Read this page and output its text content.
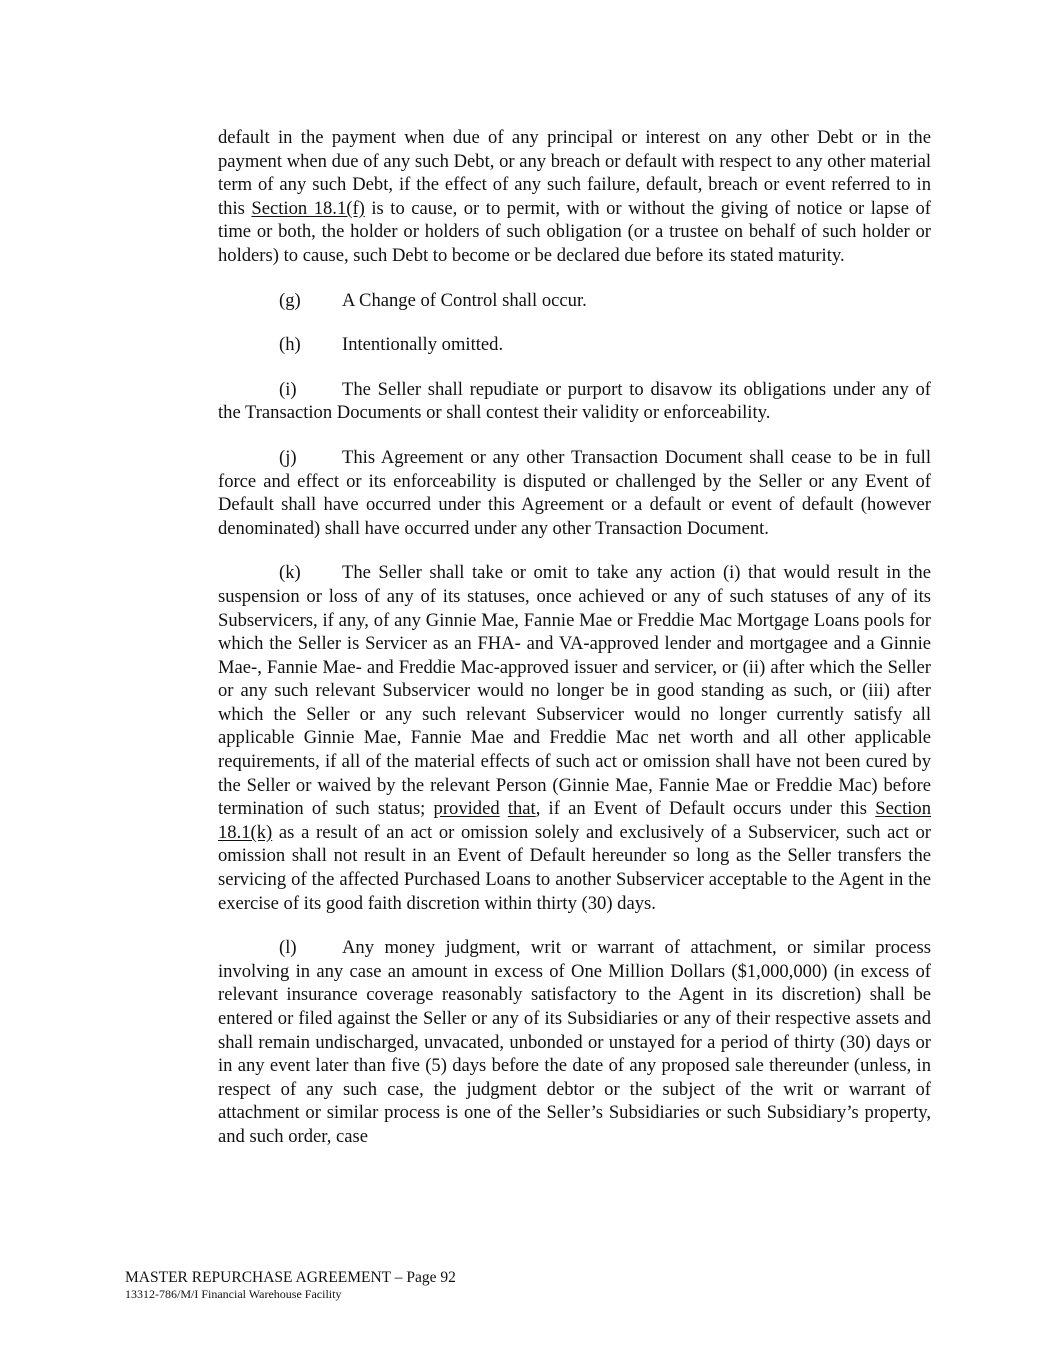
default in the payment when due of any principal or interest on any other Debt or in the payment when due of any such Debt, or any breach or default with respect to any other material term of any such Debt, if the effect of any such failure, default, breach or event referred to in this Section 18.1(f) is to cause, or to permit, with or without the giving of notice or lapse of time or both, the holder or holders of such obligation (or a trustee on behalf of such holder or holders) to cause, such Debt to become or be declared due before its stated maturity.

(g) A Change of Control shall occur.

(h) Intentionally omitted.

(i) The Seller shall repudiate or purport to disavow its obligations under any of the Transaction Documents or shall contest their validity or enforceability.

(j) This Agreement or any other Transaction Document shall cease to be in full force and effect or its enforceability is disputed or challenged by the Seller or any Event of Default shall have occurred under this Agreement or a default or event of default (however denominated) shall have occurred under any other Transaction Document.

(k) The Seller shall take or omit to take any action (i) that would result in the suspension or loss of any of its statuses, once achieved or any of such statuses of any of its Subservicers, if any, of any Ginnie Mae, Fannie Mae or Freddie Mac Mortgage Loans pools for which the Seller is Servicer as an FHA- and VA-approved lender and mortgagee and a Ginnie Mae-, Fannie Mae- and Freddie Mac-approved issuer and servicer, or (ii) after which the Seller or any such relevant Subservicer would no longer be in good standing as such, or (iii) after which the Seller or any such relevant Subservicer would no longer currently satisfy all applicable Ginnie Mae, Fannie Mae and Freddie Mac net worth and all other applicable requirements, if all of the material effects of such act or omission shall have not been cured by the Seller or waived by the relevant Person (Ginnie Mae, Fannie Mae or Freddie Mac) before termination of such status; provided that, if an Event of Default occurs under this Section 18.1(k) as a result of an act or omission solely and exclusively of a Subservicer, such act or omission shall not result in an Event of Default hereunder so long as the Seller transfers the servicing of the affected Purchased Loans to another Subservicer acceptable to the Agent in the exercise of its good faith discretion within thirty (30) days.

(l) Any money judgment, writ or warrant of attachment, or similar process involving in any case an amount in excess of One Million Dollars ($1,000,000) (in excess of relevant insurance coverage reasonably satisfactory to the Agent in its discretion) shall be entered or filed against the Seller or any of its Subsidiaries or any of their respective assets and shall remain undischarged, unvacated, unbonded or unstayed for a period of thirty (30) days or in any event later than five (5) days before the date of any proposed sale thereunder (unless, in respect of any such case, the judgment debtor or the subject of the writ or warrant of attachment or similar process is one of the Seller’s Subsidiaries or such Subsidiary’s property, and such order, case

MASTER REPURCHASE AGREEMENT – Page 92
13312-786/M/I Financial Warehouse Facility
